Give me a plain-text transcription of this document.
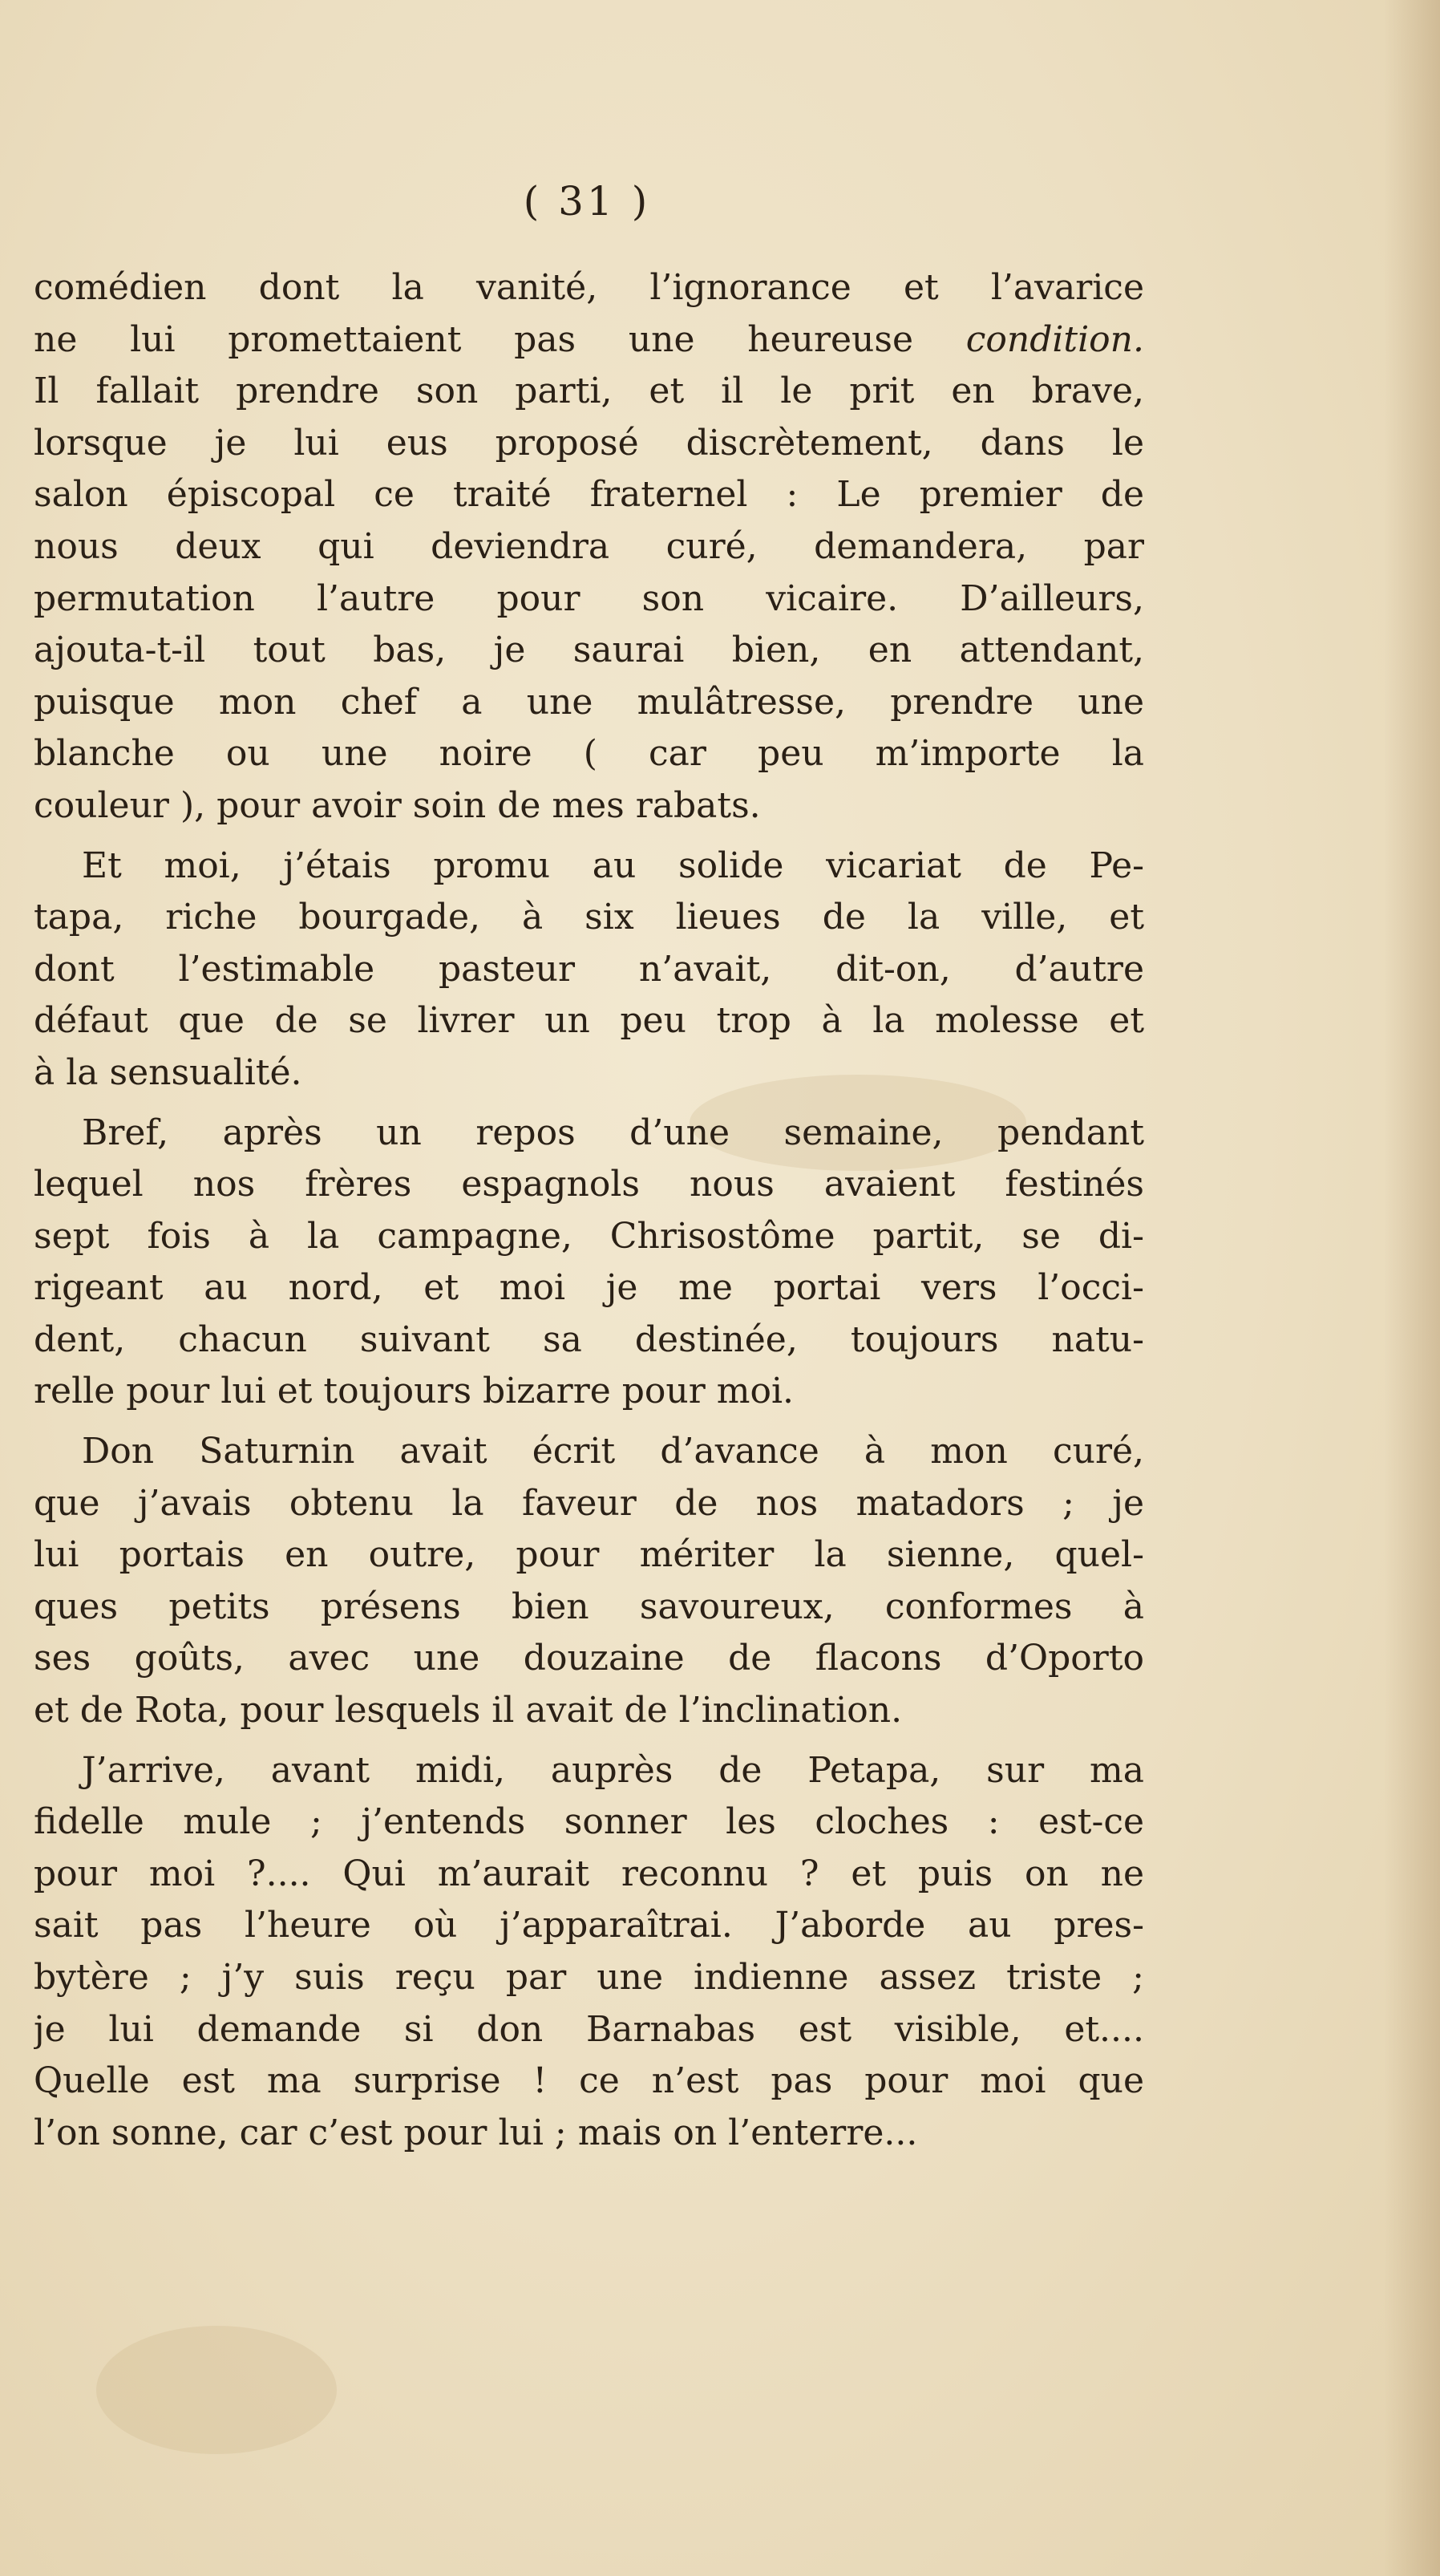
( 31 )
comédien dont la vanité, l’ignorance et l’avarice
ne lui promettaient pas une heureuse condition.
Il fallait prendre son parti, et il le prit en brave,
lorsque je lui eus proposé discrètement, dans le
salon épiscopal ce traité fraternel : Le premier de
nous deux qui deviendra curé, demandera, par
permutation l’autre pour son vicaire. D’ailleurs,
ajouta-t-il tout bas, je saurai bien, en attendant,
puisque mon chef a une mulâtresse, prendre une
blanche ou une noire ( car peu m’importe la
couleur ), pour avoir soin de mes rabats.
Et moi, j’étais promu au solide vicariat de Pe-
tapa, riche bourgade, à six lieues de la ville, et
dont l’estimable pasteur n’avait, dit-on, d’autre
défaut que de se livrer un peu trop à la molesse et
à la sensualité.
Bref, après un repos d’une semaine, pendant
lequel nos frères espagnols nous avaient festinés
sept fois à la campagne, Chrisostôme partit, se di-
rigeant au nord, et moi je me portai vers l’occi-
dent, chacun suivant sa destinée, toujours natu-
relle pour lui et toujours bizarre pour moi.
Don Saturnin avait écrit d’avance à mon curé,
que j’avais obtenu la faveur de nos matadors ; je
lui portais en outre, pour mériter la sienne, quel-
ques petits présens bien savoureux, conformes à
ses goûts, avec une douzaine de flacons d’Oporto
et de Rota, pour lesquels il avait de l’inclination.
J’arrive, avant midi, auprès de Petapa, sur ma
fidelle mule ; j’entends sonner les cloches : est-ce
pour moi ?.... Qui m’aurait reconnu ? et puis on ne
sait pas l’heure où j’apparaîtrai. J’aborde au pres-
bytère ; j’y suis reçu par une indienne assez triste ;
je lui demande si don Barnabas est visible, et....
Quelle est ma surprise ! ce n’est pas pour moi que
l’on sonne, car c’est pour lui ; mais on l’enterre...
